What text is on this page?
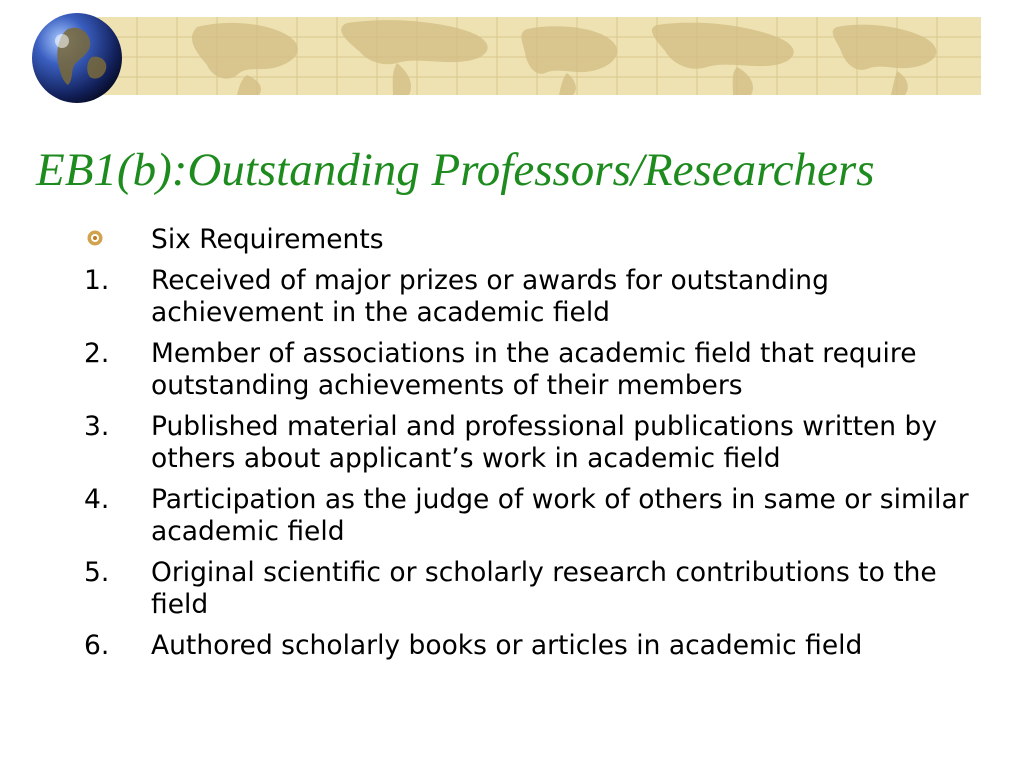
EB1(b):Outstanding Professors/Researchers
Six Requirements
1.	Received of major prizes or awards for outstanding achievement in the academic field
2.	Member of associations in the academic field that require outstanding achievements of their members
3.	Published material and professional publications written by others about applicant’s work in academic field
4.	Participation as the judge of work of others in same or similar academic field
5.	Original scientific or scholarly research contributions to the field
6.	Authored scholarly books or articles in academic field
